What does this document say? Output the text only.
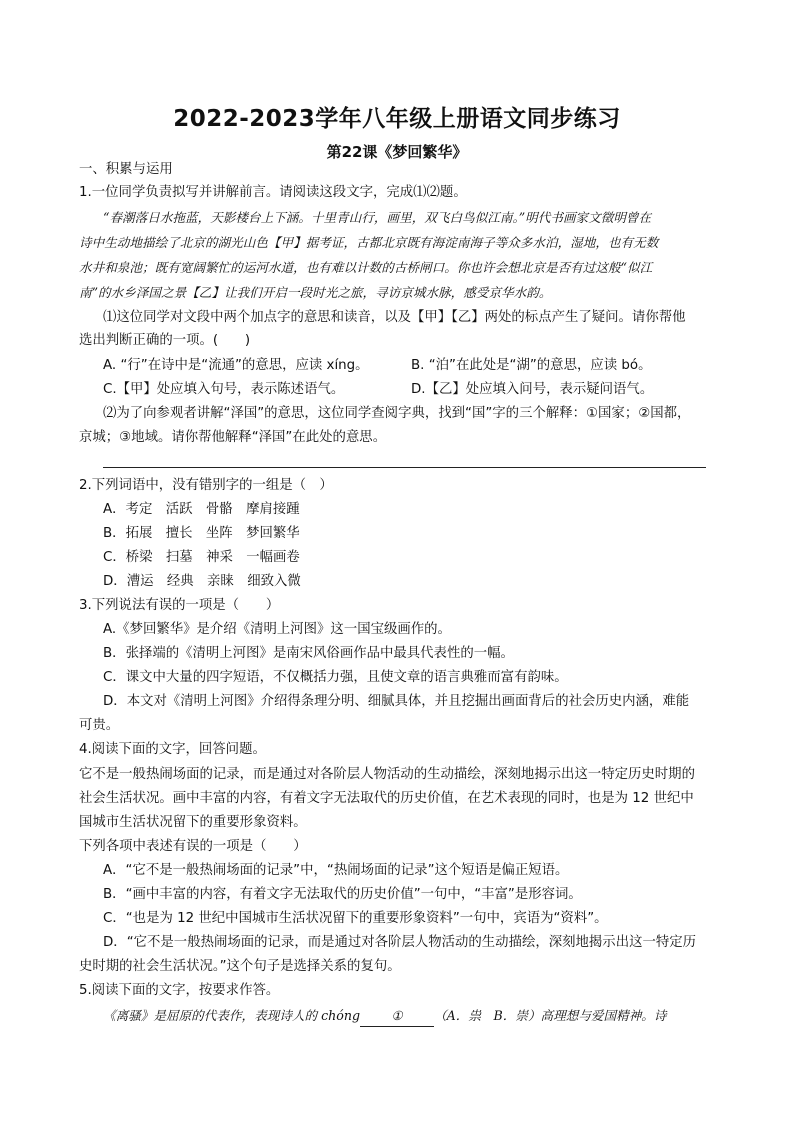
2022-2023学年八年级上册语文同步练习
第22课《梦回繁华》
一、积累与运用
1.一位同学负责拟写并讲解前言。请阅读这段文字，完成⑴⑵题。
“春潮落日水拖蓝，天影楼台上下涵。十里青山行，画里，双飞白鸟似江南。”明代书画家文徵明曾在
诗中生动地描绘了北京的湖光山色【甲】据考证，古都北京既有海淀南海子等众多水泊，湿地，也有无数
水井和泉池；既有宽阔繁忙的运河水道，也有难以计数的古桥闸口。你也许会想北京是否有过这般“似江
南”的水乡泽国之景【乙】让我们开启一段时光之旅，寻访京城水脉，感受京华水韵。
⑴这位同学对文段中两个加点字的意思和读音，以及【甲】【乙】两处的标点产生了疑问。请你帮他
选出判断正确的一项。(　　)
A. “行”在诗中是“流通”的意思，应读 xíng。	B. “泊”在此处是“湖”的意思，应读 bó。
C.【甲】处应填入句号，表示陈述语气。	D.【乙】处应填入问号，表示疑问语气。
⑵为了向参观者讲解“泽国”的意思，这位同学查阅字典，找到“国”字的三个解释：①国家；②国都，
京城；③地域。请你帮他解释“泽国”在此处的意思。
2.下列词语中，没有错别字的一组是（　）
A．考定　活跃　骨骼　摩肩接踵
B．拓展　擅长　坐阵　梦回繁华
C．桥梁　扫墓　神采　一幅画卷
D．漕运　经典　亲睐　细致入微
3.下列说法有误的一项是（　　）
A.《梦回繁华》是介绍《清明上河图》这一国宝级画作的。
B．张择端的《清明上河图》是南宋风俗画作品中最具代表性的一幅。
C．课文中大量的四字短语，不仅概括力强，且使文章的语言典雅而富有韵味。
D．本文对《清明上河图》介绍得条理分明、细腻具体，并且挖掘出画面背后的社会历史内涵，难能
可贵。
4.阅读下面的文字，回答问题。
它不是一般热闹场面的记录，而是通过对各阶层人物活动的生动描绘，深刻地揭示出这一特定历史时期的
社会生活状况。画中丰富的内容，有着文字无法取代的历史价值，在艺术表现的同时，也是为 12 世纪中
国城市生活状况留下的重要形象资料。
下列各项中表述有误的一项是（　　）
A．“它不是一般热闹场面的记录”中，“热闹场面的记录”这个短语是偏正短语。
B．“画中丰富的内容，有着文字无法取代的历史价值”一句中，“丰富”是形容词。
C．“也是为 12 世纪中国城市生活状况留下的重要形象资料”一句中，宾语为“资料”。
D．“它不是一般热闹场面的记录，而是通过对各阶层人物活动的生动描绘，深刻地揭示出这一特定历
史时期的社会生活状况。”这个句子是选择关系的复句。
5.阅读下面的文字，按要求作答。
《离骚》是屈原的代表作，表现诗人的 chóng ① （A．祟　B．崇）高理想与爱国精神。诗
